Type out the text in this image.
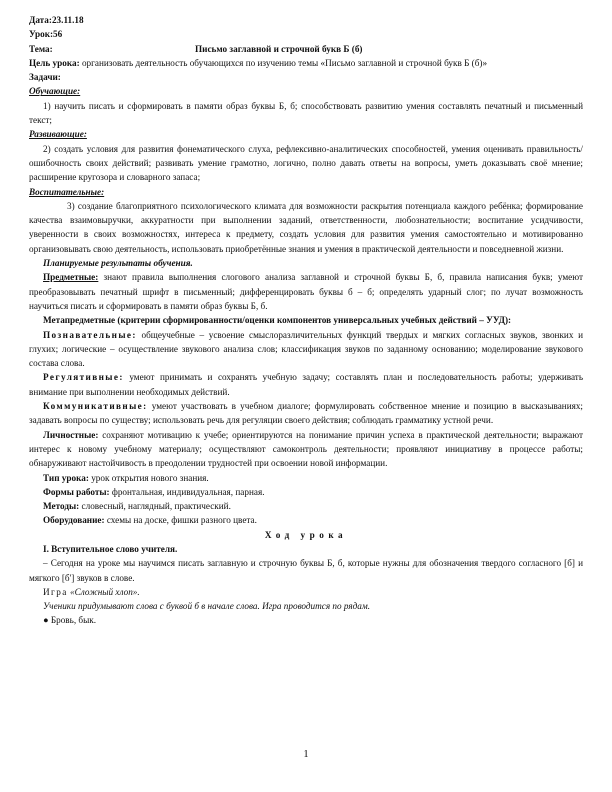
Дата:23.11.18

Урок:56

Тема:	Письмо заглавной и строчной букв Б (б)

Цель урока: организовать деятельность обучающихся по изучению темы «Письмо заглавной и строчной букв Б (б)»

Задачи:

Обучающие:

1) научить писать и сформировать в памяти образ буквы Б, б; способствовать развитию умения составлять печатный и письменный текст;

Развивающие:

2) создать условия для развития фонематического слуха, рефлексивно-аналитических способностей, умения оценивать правильность/ошибочность своих действий; развивать умение грамотно, логично, полно давать ответы на вопросы, уметь доказывать своё мнение; расширение кругозора и словарного запаса;

Воспитательные:

3) создание благоприятного психологического климата для возможности раскрытия потенциала каждого ребёнка; формирование качества взаимовыручки, аккуратности при выполнении заданий, ответственности, любознательности; воспитание усидчивости, уверенности в своих возможностях, интереса к предмету, создать условия для развития умения самостоятельно и мотивированно организовывать свою деятельность, использовать приобретённые знания и умения в практической деятельности и повседневной жизни.

Планируемые результаты обучения.

Предметные: знают правила выполнения слогового анализа заглавной и строчной буквы Б, б, правила написания букв; умеют преобразовывать печатный шрифт в письменный; дифференцировать буквы б – б; определять ударный слог; по лучат возможность научиться писать и сформировать в памяти образ буквы Б, б.

Метапредметные (критерии сформированности/оценки компонентов универсальных учебных действий – УУД):

Познавательные: общеучебные – усвоение смыслоразличительных функций твердых и мягких согласных звуков, звонких и глухих; логические – осуществление звукового анализа слов; классификация звуков по заданному основанию; моделирование звукового состава слова.

Регулятивные: умеют принимать и сохранять учебную задачу; составлять план и последовательность работы; удерживать внимание при выполнении необходимых действий.

Коммуникативные: умеют участвовать в учебном диалоге; формулировать собственное мнение и позицию в высказываниях; задавать вопросы по существу; использовать речь для регуляции своего действия; соблюдать грамматику устной речи.

Личностные: сохраняют мотивацию к учебе; ориентируются на понимание причин успеха в практической деятельности; выражают интерес к новому учебному материалу; осуществляют самоконтроль деятельности; проявляют инициативу в процессе работы; обнаруживают настойчивость в преодолении трудностей при освоении новой информации.

Тип урока: урок открытия нового знания.

Формы работы: фронтальная, индивидуальная, парная.

Методы: словесный, наглядный, практический.

Оборудование: схемы на доске, фишки разного цвета.

Ход урока

I. Вступительное слово учителя.

– Сегодня на уроке мы научимся писать заглавную и строчную буквы Б, б, которые нужны для обозначения твердого согласного [б] и мягкого [б'] звуков в слове.

Игра «Сложный хлоп».

Ученики придумывают слова с буквой б в начале слова. Игра проводится по рядам.

● Бровь, бык.

1
